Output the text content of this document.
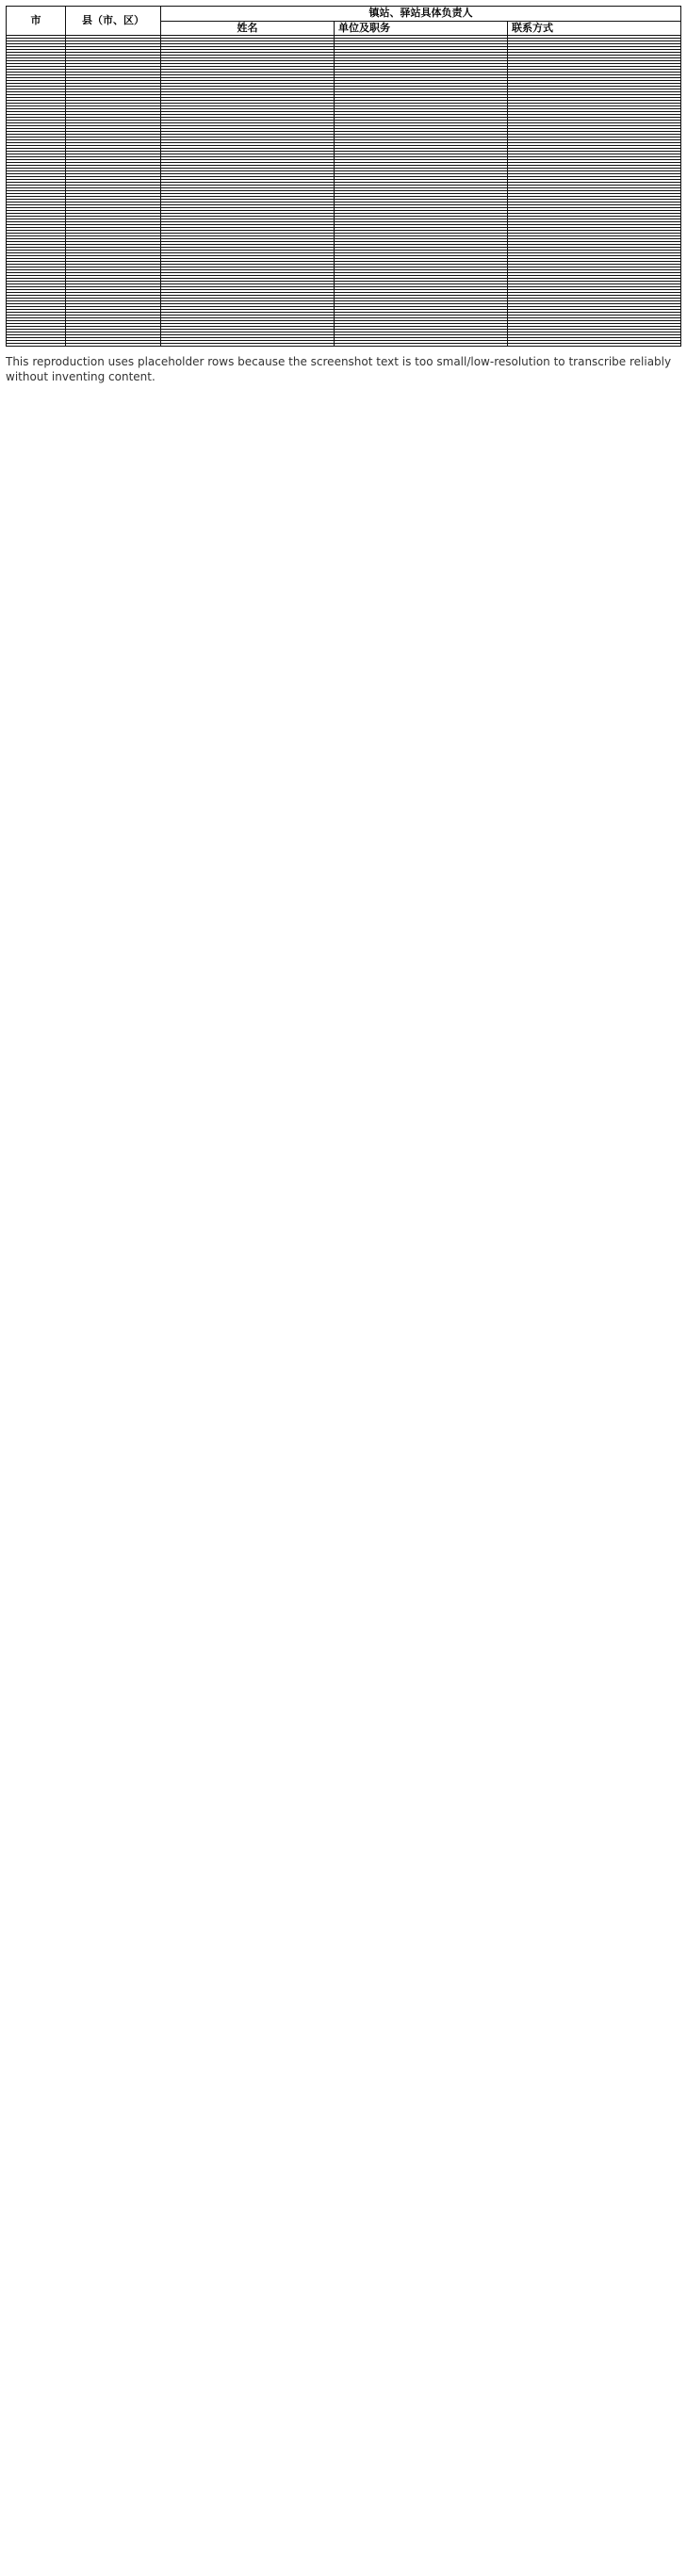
市	县（市、区）	镇站、驿站具体负责人		
		姓名	单位及职务	联系方式

This reproduction uses placeholder rows because the screenshot text is too small/low-resolution to transcribe reliably without inventing content.
